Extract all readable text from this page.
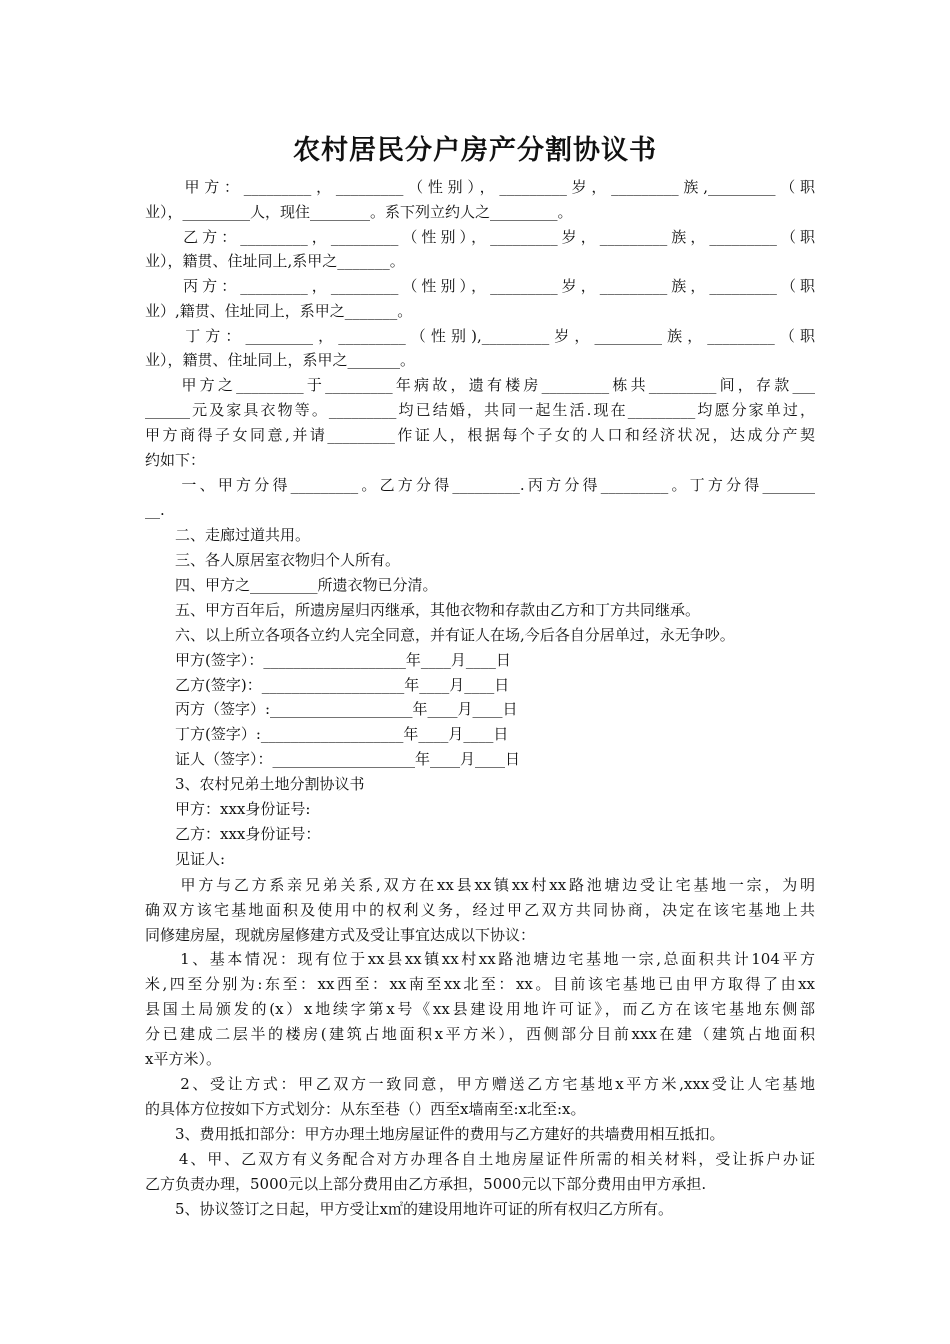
农村居民分户房产分割协议书
　　甲方：_________，_________（性别），_________岁，_________族,_________（职
业），_________人，现住________。系下列立约人之_________。
　　乙方：_________，_________（性别），_________岁，_________族，_________（职
业），籍贯、住址同上,系甲之_______。
　　丙方：_________，_________（性别），_________岁，_________族，_________（职
业）,籍贯、住址同上，系甲之_______。
　　丁方：_________，_________（性别),_________岁，_________族，_________（职
业），籍贯、住址同上，系甲之_______。
　　甲方之_________于_________年病故，遗有楼房_________栋共_________间，存款___
______元及家具衣物等。_________均已结婚，共同一起生活.现在_________均愿分家单过，
甲方商得子女同意,并请_________作证人，根据每个子女的人口和经济状况，达成分产契
约如下：
　　一、甲方分得_________。乙方分得_________.丙方分得_________。丁方分得_______
__.
　　二、走廊过道共用。
　　三、各人原居室衣物归个人所有。
　　四、甲方之_________所遗衣物已分清。
　　五、甲方百年后，所遗房屋归丙继承，其他衣物和存款由乙方和丁方共同继承。
　　六、以上所立各项各立约人完全同意，并有证人在场,今后各自分居单过，永无争吵。
　　甲方(签字）：___________________年____月____日
　　乙方(签字)：___________________年____月____日
　　丙方（签字）:___________________年____月____日
　　丁方(签字）:___________________年____月____日
　　证人（签字）：___________________年____月____日
　　3、农村兄弟土地分割协议书
　　甲方：xxx身份证号:
　　乙方：xxx身份证号：
　　见证人:
　　甲方与乙方系亲兄弟关系,双方在xx县xx镇xx村xx路池塘边受让宅基地一宗，为明
确双方该宅基地面积及使用中的权利义务，经过甲乙双方共同协商，决定在该宅基地上共
同修建房屋，现就房屋修建方式及受让事宜达成以下协议：
　　1、基本情况：现有位于xx县xx镇xx村xx路池塘边宅基地一宗,总面积共计104平方
米,四至分别为:东至：xx西至：xx南至xx北至：xx。目前该宅基地已由甲方取得了由xx
县国土局颁发的(x）x地续字第x号《xx县建设用地许可证》，而乙方在该宅基地东侧部
分已建成二层半的楼房(建筑占地面积x平方米），西侧部分目前xxx在建（建筑占地面积
x平方米）。
　　2、受让方式：甲乙双方一致同意，甲方赠送乙方宅基地x平方米,xxx受让人宅基地
的具体方位按如下方式划分：从东至巷（）西至x墙南至:x北至:x。
　　3、费用抵扣部分：甲方办理土地房屋证件的费用与乙方建好的共墙费用相互抵扣。
　　4、甲、乙双方有义务配合对方办理各自土地房屋证件所需的相关材料，受让拆户办证
乙方负责办理，5000元以上部分费用由乙方承担，5000元以下部分费用由甲方承担.
　　5、协议签订之日起，甲方受让x㎡的建设用地许可证的所有权归乙方所有。
